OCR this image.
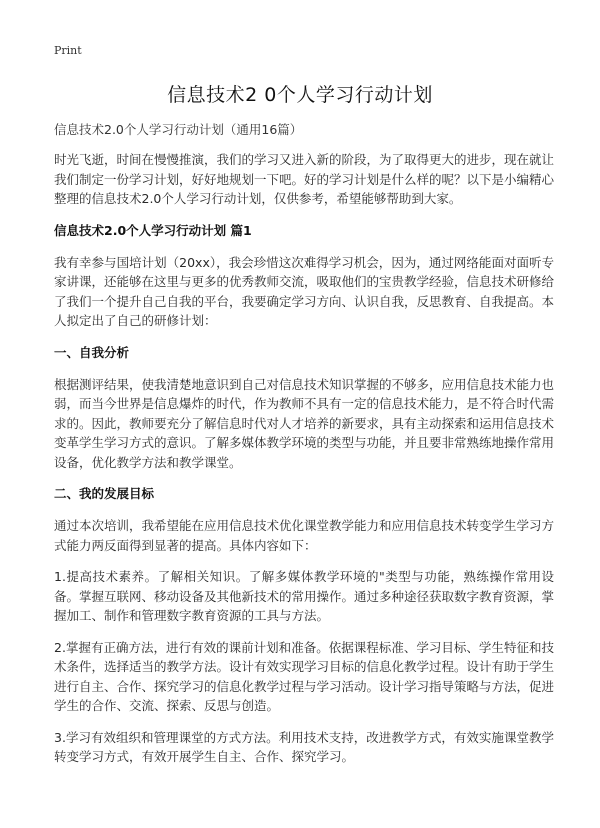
Print
信息技术2 0个人学习行动计划
信息技术2.0个人学习行动计划（通用16篇）

时光飞逝，时间在慢慢推演，我们的学习又进入新的阶段，为了取得更大的进步，现在就让我们制定一份学习计划，好好地规划一下吧。好的学习计划是什么样的呢？以下是小编精心整理的信息技术2.0个人学习行动计划，仅供参考，希望能够帮助到大家。

信息技术2.0个人学习行动计划 篇1

我有幸参与国培计划（20xx），我会珍惜这次难得学习机会，因为，通过网络能面对面听专家讲课，还能够在这里与更多的优秀教师交流，吸取他们的宝贵教学经验，信息技术研修给了我们一个提升自己自我的平台，我要确定学习方向、认识自我，反思教育、自我提高。本人拟定出了自己的研修计划：

一、自我分析

根据测评结果，使我清楚地意识到自己对信息技术知识掌握的不够多，应用信息技术能力也弱，而当今世界是信息爆炸的时代，作为教师不具有一定的信息技术能力，是不符合时代需求的。因此，教师要充分了解信息时代对人才培养的新要求，具有主动探索和运用信息技术变革学生学习方式的意识。了解多媒体教学环境的类型与功能，并且要非常熟练地操作常用设备，优化教学方法和教学课堂。

二、我的发展目标

通过本次培训，我希望能在应用信息技术优化课堂教学能力和应用信息技术转变学生学习方式能力两反面得到显著的提高。具体内容如下：

1.提高技术素养。了解相关知识。了解多媒体教学环境的"类型与功能，熟练操作常用设备。掌握互联网、移动设备及其他新技术的常用操作。通过多种途径获取数字教育资源，掌握加工、制作和管理数字教育资源的工具与方法。

2.掌握有正确方法，进行有效的课前计划和准备。依据课程标准、学习目标、学生特征和技术条件，选择适当的教学方法。设计有效实现学习目标的信息化教学过程。设计有助于学生进行自主、合作、探究学习的信息化教学过程与学习活动。设计学习指导策略与方法，促进学生的合作、交流、探索、反思与创造。

3.学习有效组织和管理课堂的方式方法。利用技术支持，改进教学方式，有效实施课堂教学转变学习方式，有效开展学生自主、合作、探究学习。
